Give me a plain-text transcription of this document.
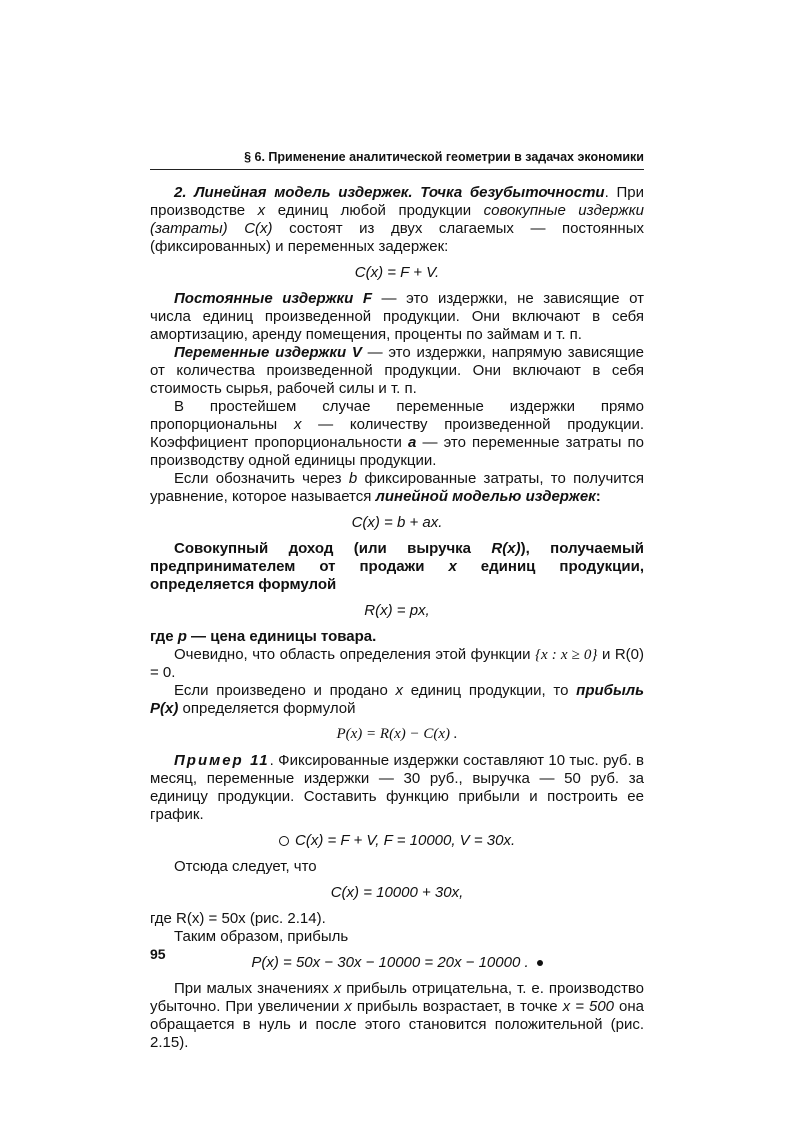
§ 6. Применение аналитической геометрии в задачах экономики

2. Линейная модель издержек. Точка безубыточности. При производстве x единиц любой продукции совокупные издержки (затраты) C(x) состоят из двух слагаемых — постоянных (фиксированных) и переменных задержек:

C(x) = F + V.

Постоянные издержки F — это издержки, не зависящие от числа единиц произведенной продукции. Они включают в себя амортизацию, аренду помещения, проценты по займам и т. п.

Переменные издержки V — это издержки, напрямую зависящие от количества произведенной продукции. Они включают в себя стоимость сырья, рабочей силы и т. п.

В простейшем случае переменные издержки прямо пропорциональны x — количеству произведенной продукции. Коэффициент пропорциональности a — это переменные затраты по производству одной единицы продукции.

Если обозначить через b фиксированные затраты, то получится уравнение, которое называется линейной моделью издержек:

C(x) = b + ax.

Совокупный доход (или выручка R(x)), получаемый предпринимателем от продажи x единиц продукции, определяется формулой

R(x) = px,

где p — цена единицы товара.

Очевидно, что область определения этой функции {x : x ≥ 0} и R(0) = 0.

Если произведено и продано x единиц продукции, то прибыль P(x) определяется формулой

P(x) = R(x) − C(x) .

Пример 11. Фиксированные издержки составляют 10 тыс. руб. в месяц, переменные издержки — 30 руб., выручка — 50 руб. за единицу продукции. Составить функцию прибыли и построить ее график.

C(x) = F + V, F = 10000, V = 30x.

Отсюда следует, что

C(x) = 10000 + 30x,

где R(x) = 50x (рис. 2.14).

Таким образом, прибыль

P(x) = 50x − 30x − 10000 = 20x − 10000 .

При малых значениях x прибыль отрицательна, т. е. производство убыточно. При увеличении x прибыль возрастает, в точке x = 500 она обращается в нуль и после этого становится положительной (рис. 2.15).

95
